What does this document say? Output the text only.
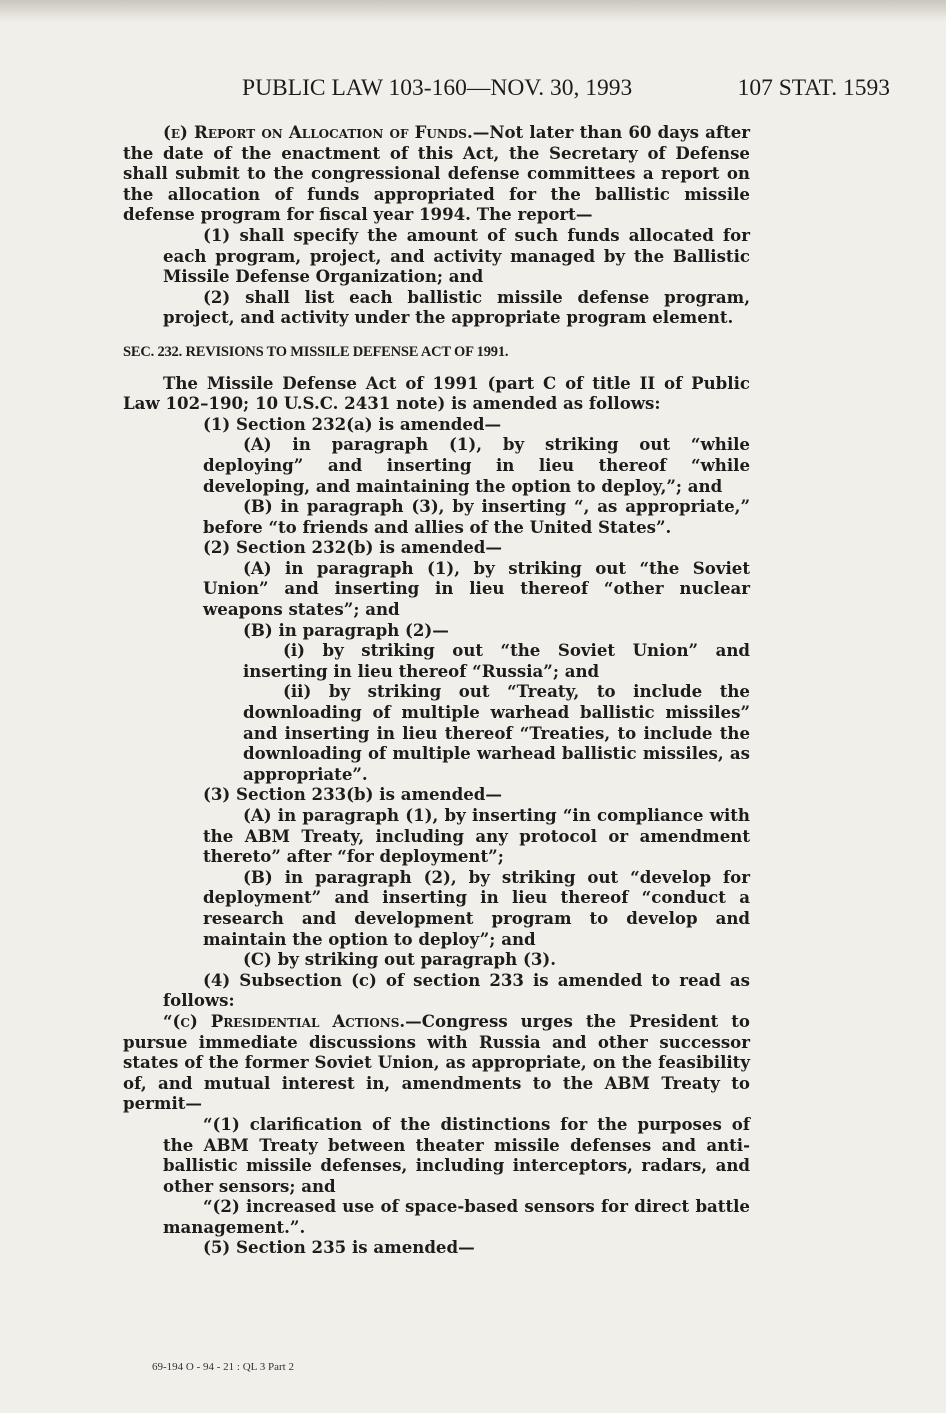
PUBLIC LAW 103-160—NOV. 30, 1993	107 STAT. 1593
(e) Report on Allocation of Funds.—Not later than 60 days after the date of the enactment of this Act, the Secretary of Defense shall submit to the congressional defense committees a report on the allocation of funds appropriated for the ballistic missile defense program for fiscal year 1994. The report—
(1) shall specify the amount of such funds allocated for each program, project, and activity managed by the Ballistic Missile Defense Organization; and
(2) shall list each ballistic missile defense program, project, and activity under the appropriate program element.
SEC. 232. REVISIONS TO MISSILE DEFENSE ACT OF 1991.
The Missile Defense Act of 1991 (part C of title II of Public Law 102–190; 10 U.S.C. 2431 note) is amended as follows:
(1) Section 232(a) is amended—
(A) in paragraph (1), by striking out “while deploying” and inserting in lieu thereof “while developing, and maintaining the option to deploy,”; and
(B) in paragraph (3), by inserting “, as appropriate,” before “to friends and allies of the United States”.
(2) Section 232(b) is amended—
(A) in paragraph (1), by striking out “the Soviet Union” and inserting in lieu thereof “other nuclear weapons states”; and
(B) in paragraph (2)—
(i) by striking out “the Soviet Union” and inserting in lieu thereof “Russia”; and
(ii) by striking out “Treaty, to include the downloading of multiple warhead ballistic missiles” and inserting in lieu thereof “Treaties, to include the downloading of multiple warhead ballistic missiles, as appropriate”.
(3) Section 233(b) is amended—
(A) in paragraph (1), by inserting “in compliance with the ABM Treaty, including any protocol or amendment thereto” after “for deployment”;
(B) in paragraph (2), by striking out “develop for deployment” and inserting in lieu thereof “conduct a research and development program to develop and maintain the option to deploy”; and
(C) by striking out paragraph (3).
(4) Subsection (c) of section 233 is amended to read as follows:
“(c) Presidential Actions.—Congress urges the President to pursue immediate discussions with Russia and other successor states of the former Soviet Union, as appropriate, on the feasibility of, and mutual interest in, amendments to the ABM Treaty to permit—
“(1) clarification of the distinctions for the purposes of the ABM Treaty between theater missile defenses and anti-ballistic missile defenses, including interceptors, radars, and other sensors; and
“(2) increased use of space-based sensors for direct battle management.”.
(5) Section 235 is amended—
69-194 O - 94 - 21 : QL 3 Part 2
